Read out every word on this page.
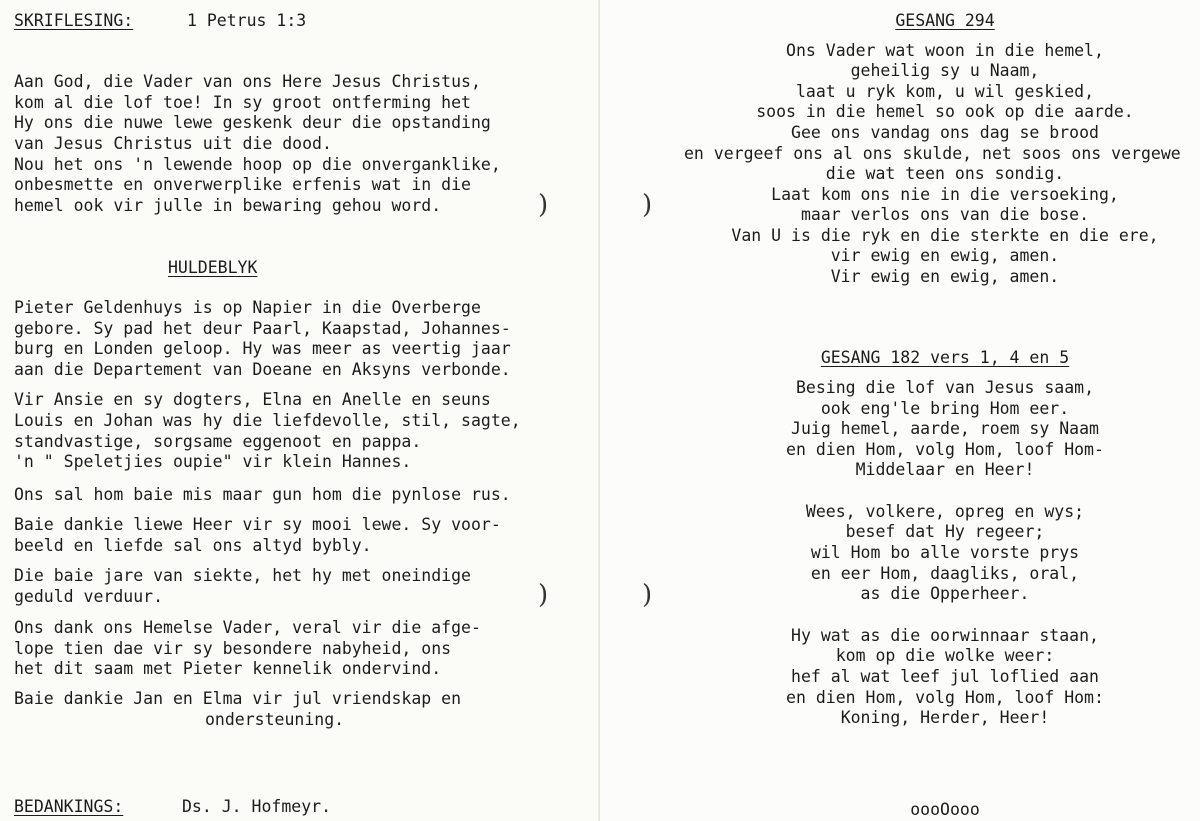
SKRIFLESING:	1 Petrus 1:3
Aan God, die Vader van ons Here Jesus Christus,
kom al die lof toe! In sy groot ontferming het
Hy ons die nuwe lewe geskenk deur die opstanding
van Jesus Christus uit die dood.
Nou het ons 'n lewende hoop op die onverganklike,
onbesmette en onverwerplike erfenis wat in die
hemel ook vir julle in bewaring gehou word.
HULDEBLYK
Pieter Geldenhuys is op Napier in die Overberge
gebore. Sy pad het deur Paarl, Kaapstad, Johannes-
burg en Londen geloop. Hy was meer as veertig jaar
aan die Departement van Doeane en Aksyns verbonde.
Vir Ansie en sy dogters, Elna en Anelle en seuns
Louis en Johan was hy die liefdevolle, stil, sagte,
standvastige, sorgsame eggenoot en pappa.
'n " Speletjies oupie" vir klein Hannes.
Ons sal hom baie mis maar gun hom die pynlose rus.
Baie dankie liewe Heer vir sy mooi lewe. Sy voor-
beeld en liefde sal ons altyd bybly.
Die baie jare van siekte, het hy met oneindige
geduld verduur.
Ons dank ons Hemelse Vader, veral vir die afge-
lope tien dae vir sy besondere nabyheid, ons
het dit saam met Pieter kennelik ondervind.
Baie dankie Jan en Elma vir jul vriendskap en
ondersteuning.
BEDANKINGS:	Ds. J. Hofmeyr.
)
)
)
)
GESANG 294
Ons Vader wat woon in die hemel,
geheilig sy u Naam,
laat u ryk kom, u wil geskied,
soos in die hemel so ook op die aarde.
Gee ons vandag ons dag se brood
en vergeef ons al ons skulde, net soos ons vergewe
die wat teen ons sondig.
Laat kom ons nie in die versoeking,
maar verlos ons van die bose.
Van U is die ryk en die sterkte en die ere,
vir ewig en ewig, amen.
Vir ewig en ewig, amen.
GESANG 182 vers 1, 4 en 5
Besing die lof van Jesus saam,
ook eng'le bring Hom eer.
Juig hemel, aarde, roem sy Naam
en dien Hom, volg Hom, loof Hom-
Middelaar en Heer!
Wees, volkere, opreg en wys;
besef dat Hy regeer;
wil Hom bo alle vorste prys
en eer Hom, daagliks, oral,
as die Opperheer.
Hy wat as die oorwinnaar staan,
kom op die wolke weer:
hef al wat leef jul loflied aan
en dien Hom, volg Hom, loof Hom:
Koning, Herder, Heer!
oooOooo
